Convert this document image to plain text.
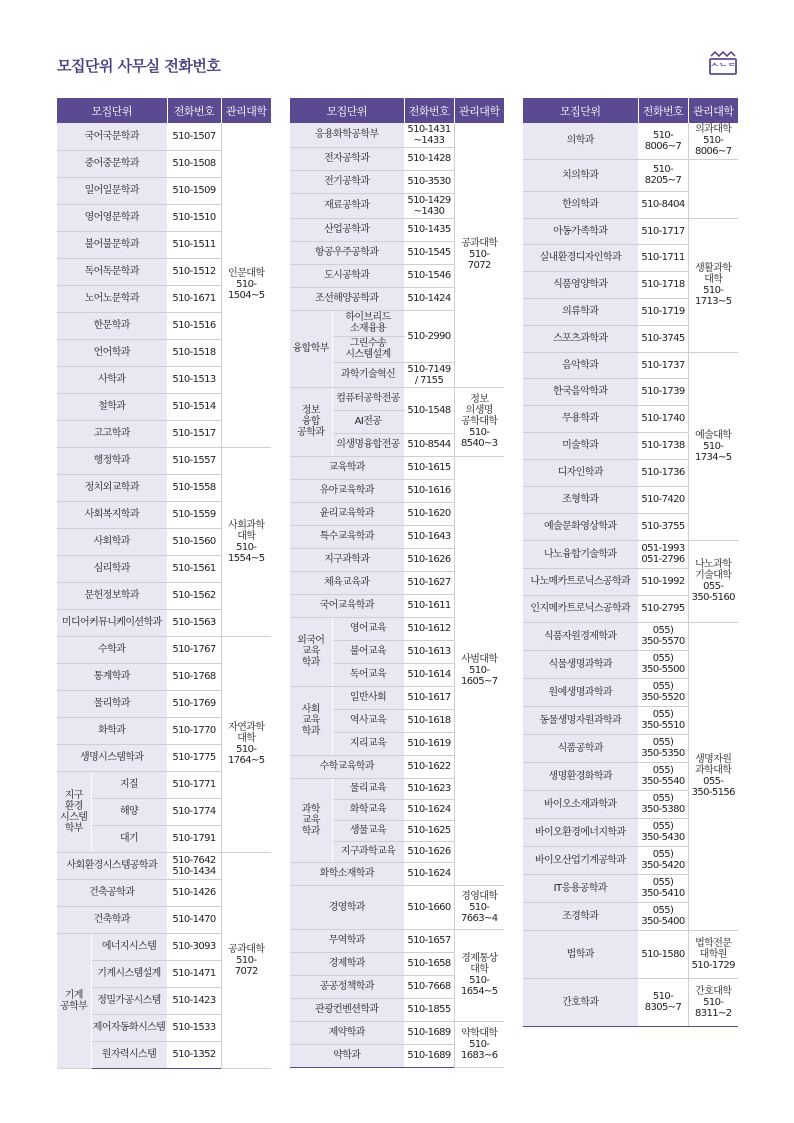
모집단위 사무실 전화번호	ᄉᄂᄃ
모집단위		전화번호	관리대학
국어국문학과		510-1507	인문대학
510-
1504~5
중어중문학과		510-1508	
일어일문학과		510-1509	
영어영문학과		510-1510	
불어불문학과		510-1511	
독어독문학과		510-1512	
노어노문학과		510-1671	
한문학과		510-1516	
언어학과		510-1518	
사학과		510-1513	
철학과		510-1514	
고고학과		510-1517	
행정학과		510-1557	사회과학
대학
510-
1554~5
정치외교학과		510-1558	
사회복지학과		510-1559	
사회학과		510-1560	
심리학과		510-1561	
문헌정보학과		510-1562	
미디어커뮤니케이션학과		510-1563	
수학과		510-1767	자연과학
대학
510-
1764~5
통계학과		510-1768	
물리학과		510-1769	
화학과		510-1770	
생명시스템학과		510-1775	
지구
환경
시스템
학부	지질	510-1771	
	해양	510-1774	
	대기	510-1791	
사회환경시스템공학과		510-7642
510-1434	공과대학
510-
7072
건축공학과		510-1426	
건축학과		510-1470	
기계
공학부	에너지시스템	510-3093	
	기계시스템설계	510-1471	
	정밀가공시스템	510-1423	
	제어자동화시스템	510-1533	
	원자력시스템	510-1352	
모집단위		전화번호	관리대학
응용화학공학부		510-1431
~1433	공과대학
510-
7072
전자공학과		510-1428	
전기공학과		510-3530	
재료공학과		510-1429
~1430	
산업공학과		510-1435	
항공우주공학과		510-1545	
도시공학과		510-1546	
조선해양공학과		510-1424	
융합학부	하이브리드
소재융용	510-2990	
	그린수송
시스템설계		
	과학기술혁신	510-7149
/ 7155	
정보
융합
공학과	컴퓨터공학전공	510-1548	정보
의생명
공학대학
510-
8540~3
	AI전공		
	의생명융합전공	510-8544	
교육학과		510-1615	사범대학
510-
1605~7
유아교육학과		510-1616	
윤리교육학과		510-1620	
특수교육학과		510-1643	
지구과학과		510-1626	
체육교육과		510-1627	
국어교육학과		510-1611	
외국어
교육
학과	영어교육	510-1612	
	불어교육	510-1613	
	독어교육	510-1614	
사회
교육
학과	일반사회	510-1617	
	역사교육	510-1618	
	지리교육	510-1619	
수학교육학과		510-1622	
과학
교육
학과	물리교육	510-1623	
	화학교육	510-1624	
	생물교육	510-1625	
	지구과학교육	510-1626	
화학소재학과		510-1624	
경영학과		510-1660	경영대학
510-
7663~4
무역학과		510-1657	경제통상
대학
510-
1654~5
경제학과		510-1658	
공공정책학과		510-7668	
관광컨벤션학과		510-1855	
제약학과		510-1689	약학대학
510-
1683~6
약학과		510-1689	
모집단위	전화번호	관리대학
의학과	510-
8006~7	의과대학
510-
8006~7
치의학과	510-
8205~7	
한의학과	510-8404	
아동가족학과	510-1717	생활과학
대학
510-
1713~5
실내환경디자인학과	510-1711	
식품영양학과	510-1718	
의류학과	510-1719	
스포츠과학과	510-3745	
음악학과	510-1737	예술대학
510-
1734~5
한국음악학과	510-1739	
무용학과	510-1740	
미술학과	510-1738	
디자인학과	510-1736	
조형학과	510-7420	
예술문화영상학과	510-3755	
나노융합기술학과	051-1993
051-2796	나노과학
기술대학
055-
350-5160
나노메카트로닉스공학과	510-1992	
인지메카트로닉스공학과	510-2795	
식품자원경제학과	055)
350-5570	생명자원
과학대학
055-
350-5156
식물생명과학과	055)
350-5500	
원예생명과학과	055)
350-5520	
동물생명자원과학과	055)
350-5510	
식품공학과	055)
350-5350	
생명환경화학과	055)
350-5540	
바이오소재과학과	055)
350-5380	
바이오환경에너지학과	055)
350-5430	
바이오산업기계공학과	055)
350-5420	
IT응용공학과	055)
350-5410	
조경학과	055)
350-5400	
법학과	510-1580	법학전문
대학원
510-1729
간호학과	510-
8305~7	간호대학
510-
8311~2
